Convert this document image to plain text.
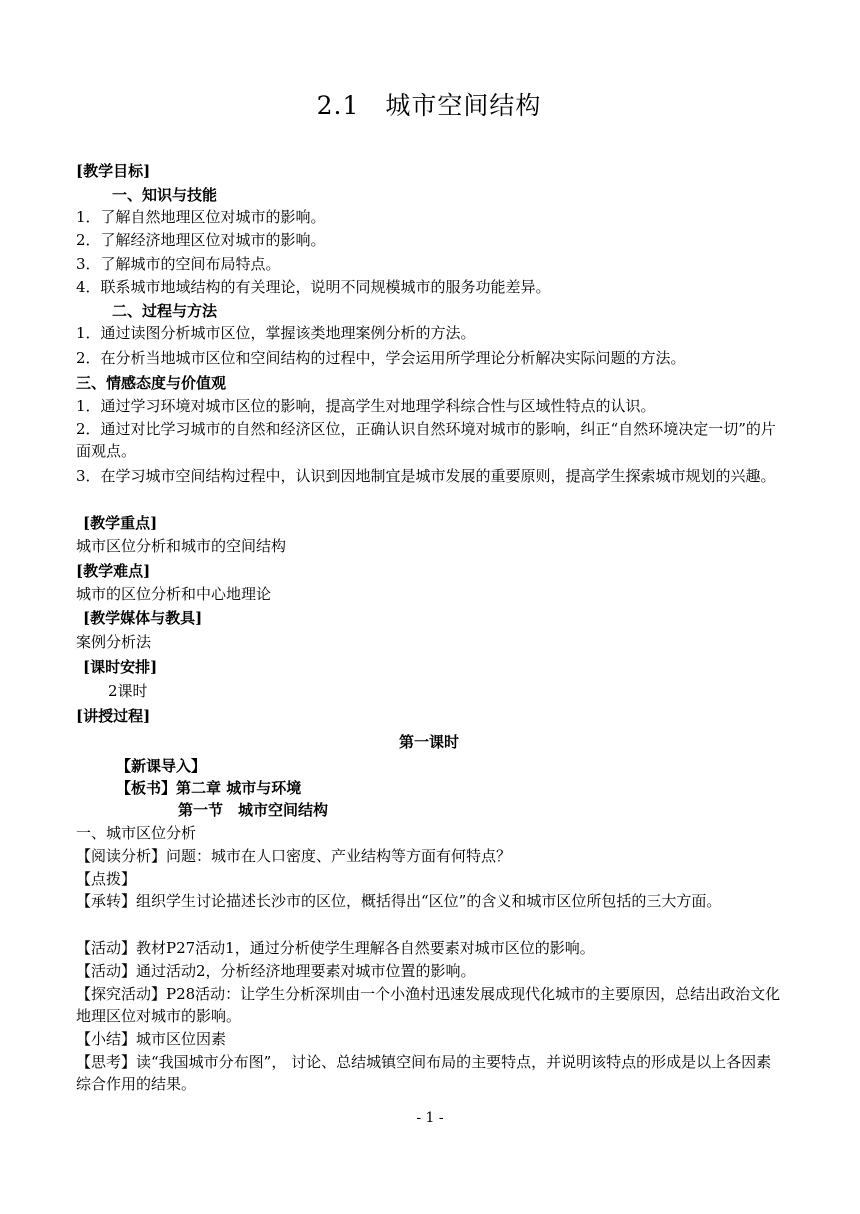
2.1　城市空间结构
[教学目标]
一、知识与技能
1．了解自然地理区位对城市的影响。
2．了解经济地理区位对城市的影响。
3．了解城市的空间布局特点。
4．联系城市地域结构的有关理论，说明不同规模城市的服务功能差异。
二、过程与方法
1．通过读图分析城市区位，掌握该类地理案例分析的方法。
2．在分析当地城市区位和空间结构的过程中，学会运用所学理论分析解决实际问题的方法。
三、情感态度与价值观
1．通过学习环境对城市区位的影响，提高学生对地理学科综合性与区域性特点的认识。
2．通过对比学习城市的自然和经济区位，正确认识自然环境对城市的影响，纠正“自然环境决定一切”的片面观点。
3．在学习城市空间结构过程中，认识到因地制宜是城市发展的重要原则，提高学生探索城市规划的兴趣。
[教学重点]
城市区位分析和城市的空间结构
[教学难点]
城市的区位分析和中心地理论
[教学媒体与教具]
案例分析法
[课时安排]
2课时
[讲授过程]
第一课时
【新课导入】
【板书】第二章 城市与环境
第一节　城市空间结构
一、城市区位分析
【阅读分析】问题：城市在人口密度、产业结构等方面有何特点？
【点拨】
【承转】组织学生讨论描述长沙市的区位，概括得出“区位”的含义和城市区位所包括的三大方面。
【活动】教材P27活动1，通过分析使学生理解各自然要素对城市区位的影响。
【活动】通过活动2，分析经济地理要素对城市位置的影响。
【探究活动】P28活动：让学生分析深圳由一个小渔村迅速发展成现代化城市的主要原因，总结出政治文化地理区位对城市的影响。
【小结】城市区位因素
【思考】读“我国城市分布图”， 讨论、总结城镇空间布局的主要特点，并说明该特点的形成是以上各因素综合作用的结果。
- 1 -
